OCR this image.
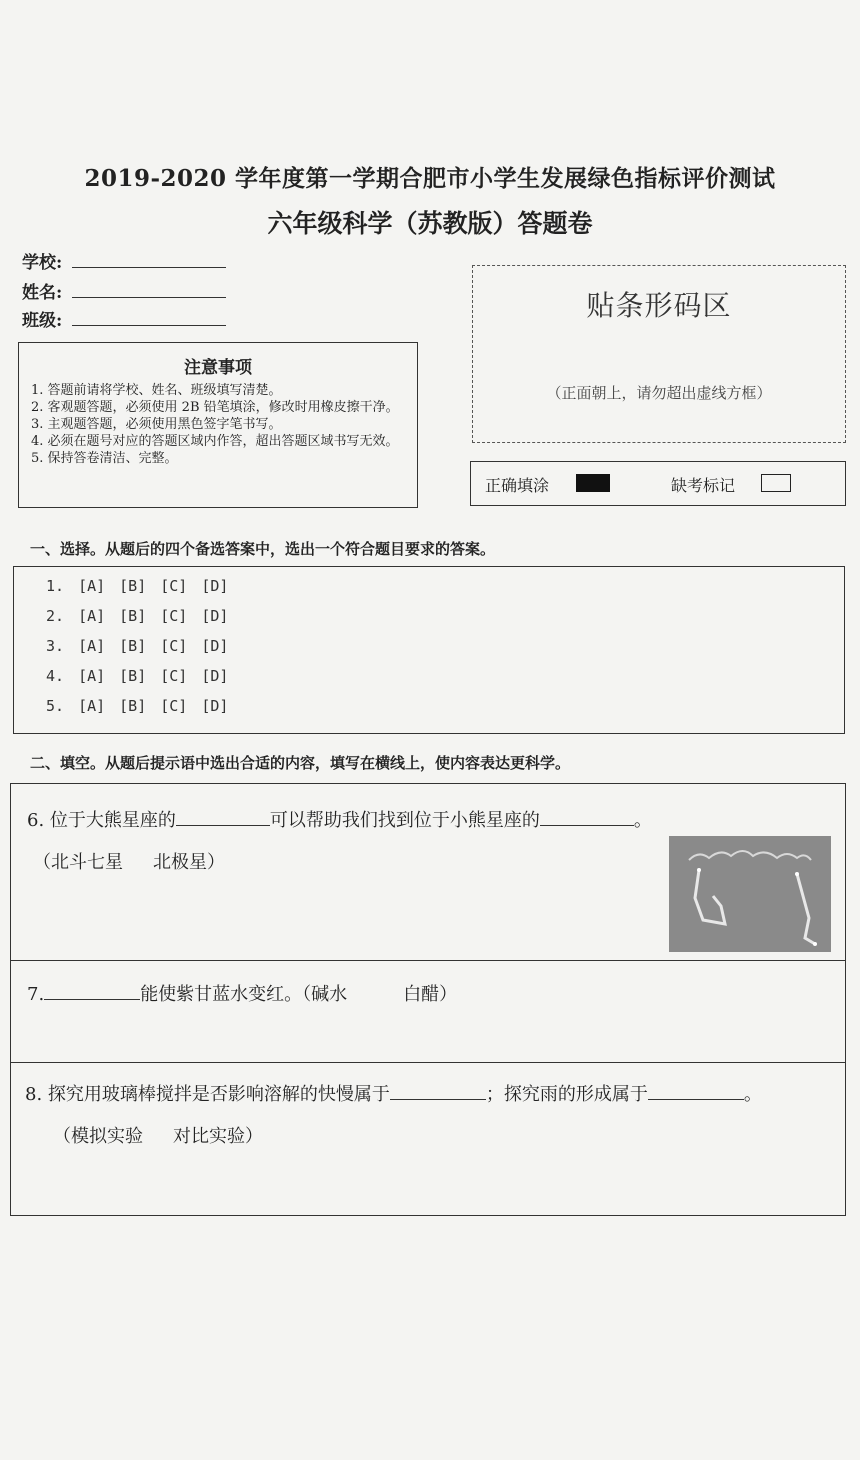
2019-2020 学年度第一学期合肥市小学生发展绿色指标评价测试
六年级科学（苏教版）答题卷
学校:
姓名:
班级:
注意事项
1. 答题前请将学校、姓名、班级填写清楚。
2. 客观题答题，必须使用 2B 铅笔填涂，修改时用橡皮擦干净。
3. 主观题答题，必须使用黑色签字笔书写。
4. 必须在题号对应的答题区域内作答，超出答题区域书写无效。
5. 保持答卷清洁、完整。
贴条形码区
（正面朝上，请勿超出虚线方框）
正确填涂	缺考标记
一、选择。从题后的四个备选答案中，选出一个符合题目要求的答案。
1. [A] [B] [C] [D]
2. [A] [B] [C] [D]
3. [A] [B] [C] [D]
4. [A] [B] [C] [D]
5. [A] [B] [C] [D]
二、填空。从题后提示语中选出合适的内容，填写在横线上，使内容表达更科学。
6. 位于大熊星座的	可以帮助我们找到位于小熊星座的	。
（北斗七星 北极星）
7.	能使紫甘蓝水变红。（碱水	白醋）
8. 探究用玻璃棒搅拌是否影响溶解的快慢属于	；探究雨的形成属于	。
（模拟实验 对比实验）
